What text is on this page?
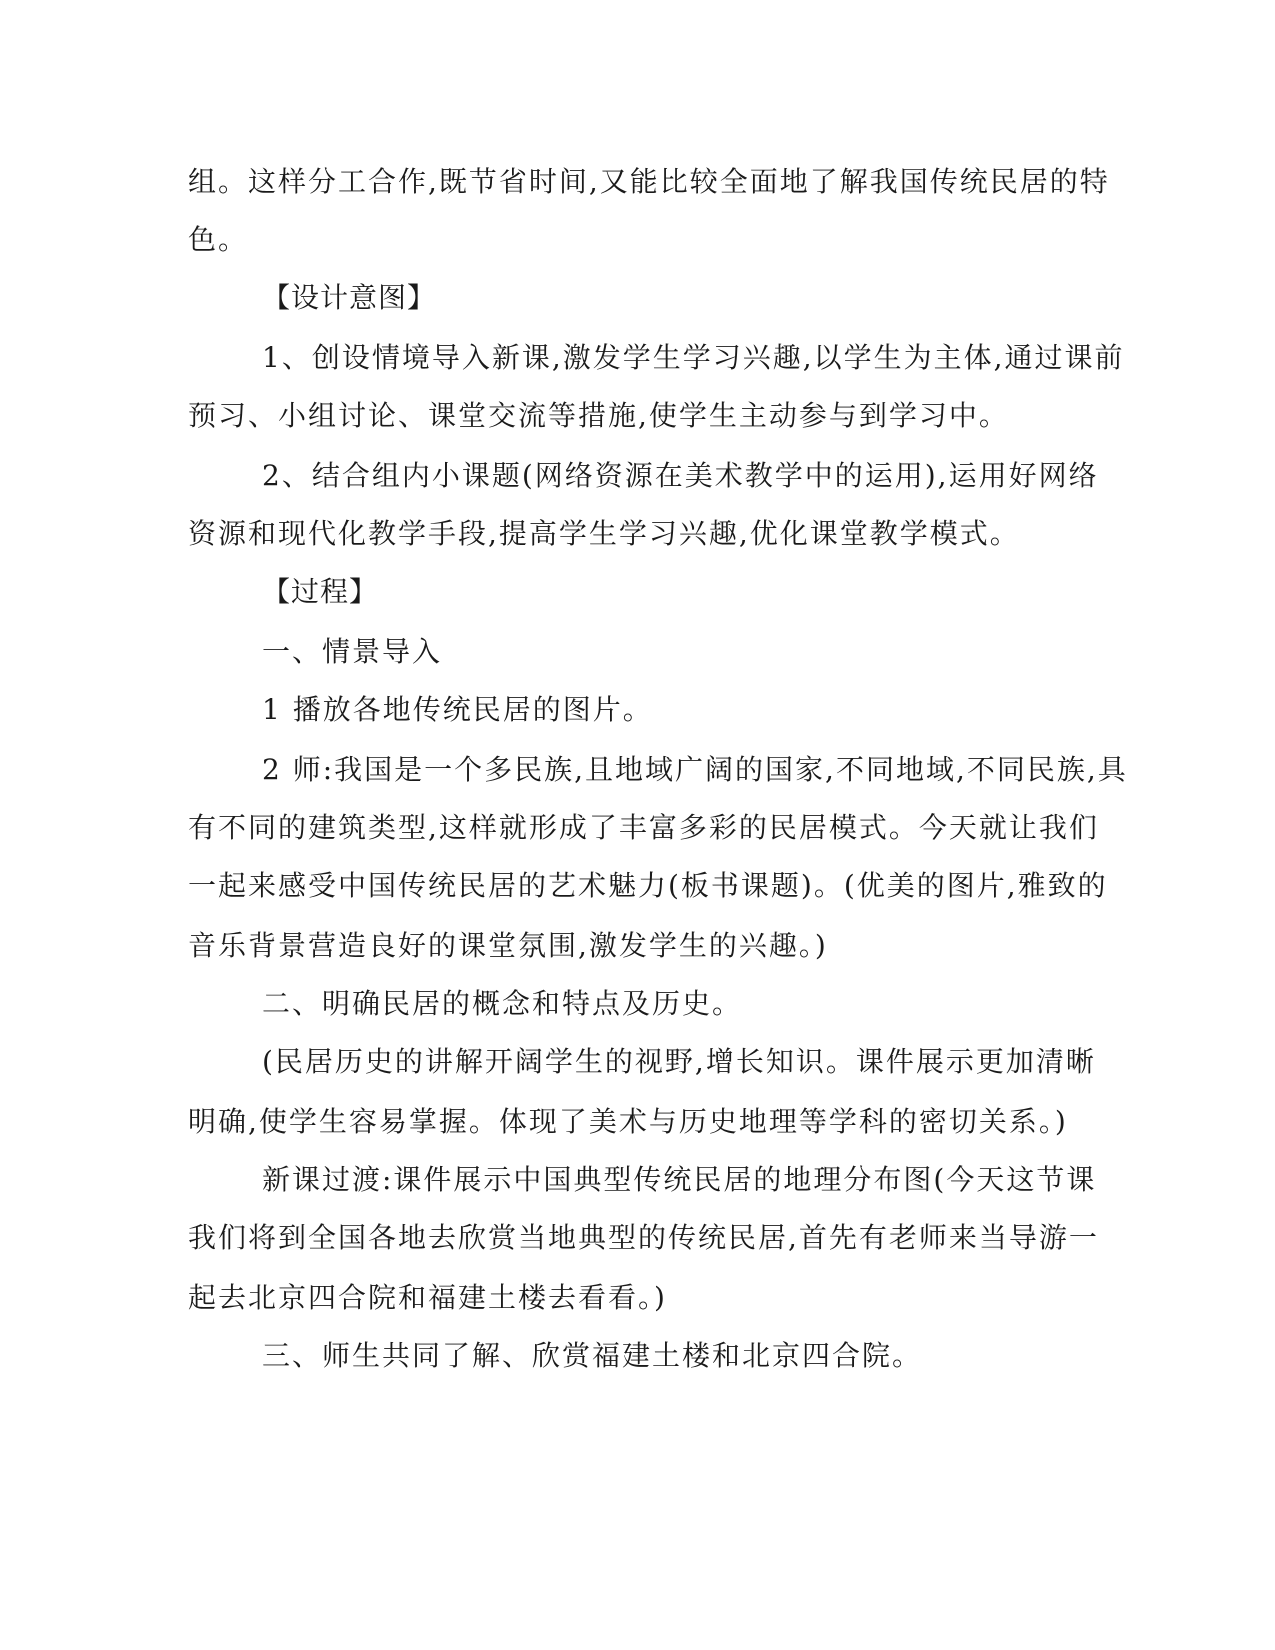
组。这样分工合作,既节省时间,又能比较全面地了解我国传统民居的特
色。
【设计意图】
1、创设情境导入新课,激发学生学习兴趣,以学生为主体,通过课前
预习、小组讨论、课堂交流等措施,使学生主动参与到学习中。
2、结合组内小课题(网络资源在美术教学中的运用),运用好网络
资源和现代化教学手段,提高学生学习兴趣,优化课堂教学模式。
【过程】
一、情景导入
1 播放各地传统民居的图片。
2 师:我国是一个多民族,且地域广阔的国家,不同地域,不同民族,具
有不同的建筑类型,这样就形成了丰富多彩的民居模式。今天就让我们
一起来感受中国传统民居的艺术魅力(板书课题)。(优美的图片,雅致的
音乐背景营造良好的课堂氛围,激发学生的兴趣。)
二、明确民居的概念和特点及历史。
(民居历史的讲解开阔学生的视野,增长知识。课件展示更加清晰
明确,使学生容易掌握。体现了美术与历史地理等学科的密切关系。)
新课过渡:课件展示中国典型传统民居的地理分布图(今天这节课
我们将到全国各地去欣赏当地典型的传统民居,首先有老师来当导游一
起去北京四合院和福建土楼去看看。)
三、师生共同了解、欣赏福建土楼和北京四合院。
